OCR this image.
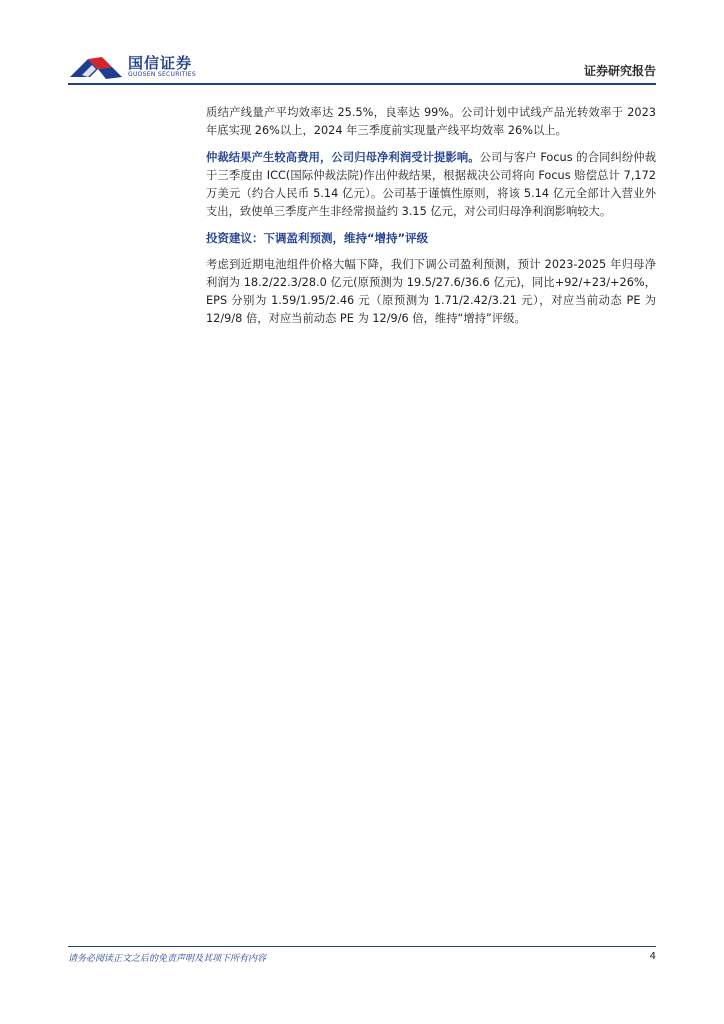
国信证券
GUOSEN SECURITIES	证券研究报告

质结产线量产平均效率达 25.5%，良率达 99%。公司计划中试线产品光转效率于 2023 年底实现 26%以上，2024 年三季度前实现量产线平均效率 26%以上。

仲裁结果产生较高费用，公司归母净利润受计提影响。公司与客户 Focus 的合同纠纷仲裁于三季度由 ICC(国际仲裁法院)作出仲裁结果，根据裁决公司将向 Focus 赔偿总计 7,172 万美元（约合人民币 5.14 亿元）。公司基于谨慎性原则，将该 5.14 亿元全部计入营业外支出，致使单三季度产生非经常损益约 3.15 亿元，对公司归母净利润影响较大。

投资建议：下调盈利预测，维持“增持”评级

考虑到近期电池组件价格大幅下降，我们下调公司盈利预测，预计 2023-2025 年归母净利润为 18.2/22.3/28.0 亿元(原预测为 19.5/27.6/36.6 亿元)，同比+92/+23/+26%，EPS 分别为 1.59/1.95/2.46 元（原预测为 1.71/2.42/3.21 元），对应当前动态 PE 为 12/9/8 倍，对应当前动态 PE 为 12/9/6 倍，维持“增持”评级。

请务必阅读正文之后的免责声明及其项下所有内容	4
